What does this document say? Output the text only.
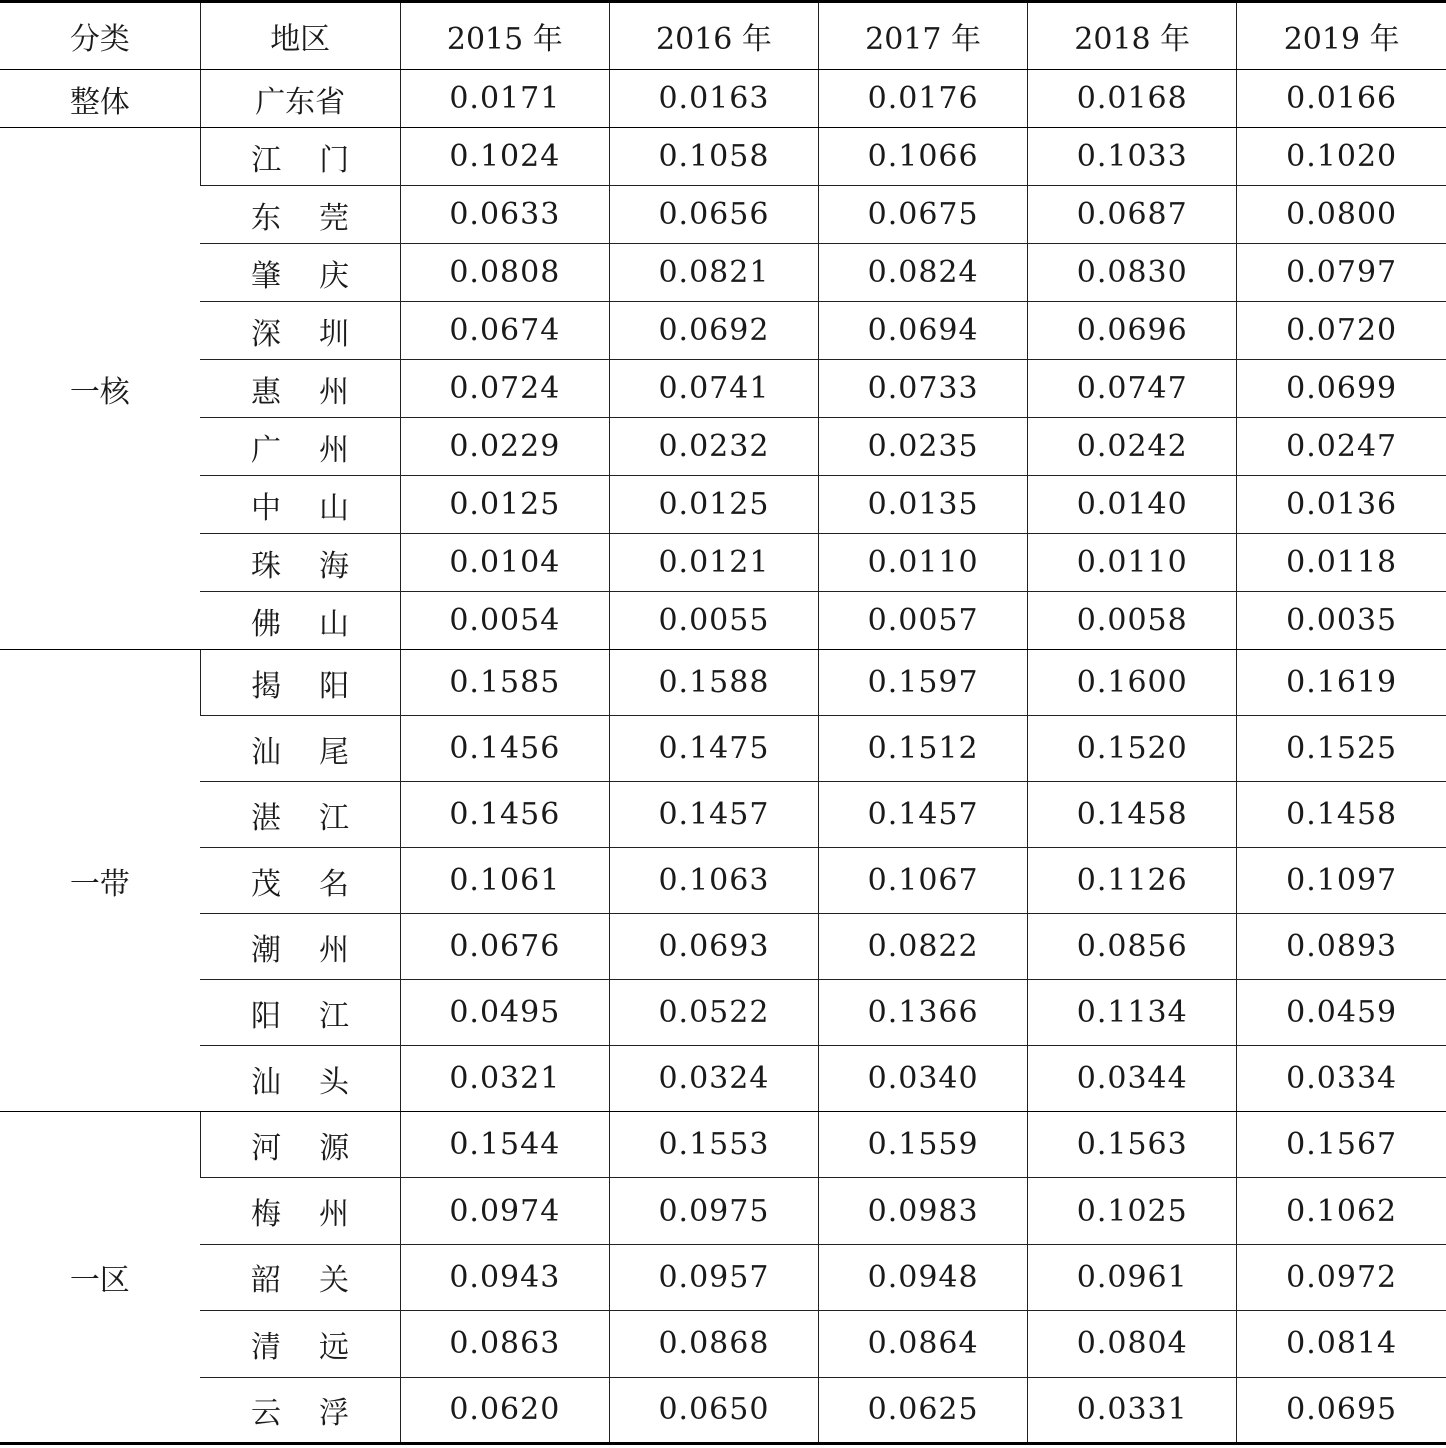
分类	地区	2015 年	2016 年	2017 年	2018 年	2019 年
整体	广东省	0.0171	0.0163	0.0176	0.0168	0.0166
一核	江 门	0.1024	0.1058	0.1066	0.1033	0.1020
	东 莞	0.0633	0.0656	0.0675	0.0687	0.0800
	肇 庆	0.0808	0.0821	0.0824	0.0830	0.0797
	深 圳	0.0674	0.0692	0.0694	0.0696	0.0720
	惠 州	0.0724	0.0741	0.0733	0.0747	0.0699
	广 州	0.0229	0.0232	0.0235	0.0242	0.0247
	中 山	0.0125	0.0125	0.0135	0.0140	0.0136
	珠 海	0.0104	0.0121	0.0110	0.0110	0.0118
	佛 山	0.0054	0.0055	0.0057	0.0058	0.0035
一带	揭 阳	0.1585	0.1588	0.1597	0.1600	0.1619
	汕 尾	0.1456	0.1475	0.1512	0.1520	0.1525
	湛 江	0.1456	0.1457	0.1457	0.1458	0.1458
	茂 名	0.1061	0.1063	0.1067	0.1126	0.1097
	潮 州	0.0676	0.0693	0.0822	0.0856	0.0893
	阳 江	0.0495	0.0522	0.1366	0.1134	0.0459
	汕 头	0.0321	0.0324	0.0340	0.0344	0.0334
一区	河 源	0.1544	0.1553	0.1559	0.1563	0.1567
	梅 州	0.0974	0.0975	0.0983	0.1025	0.1062
	韶 关	0.0943	0.0957	0.0948	0.0961	0.0972
	清 远	0.0863	0.0868	0.0864	0.0804	0.0814
	云 浮	0.0620	0.0650	0.0625	0.0331	0.0695
